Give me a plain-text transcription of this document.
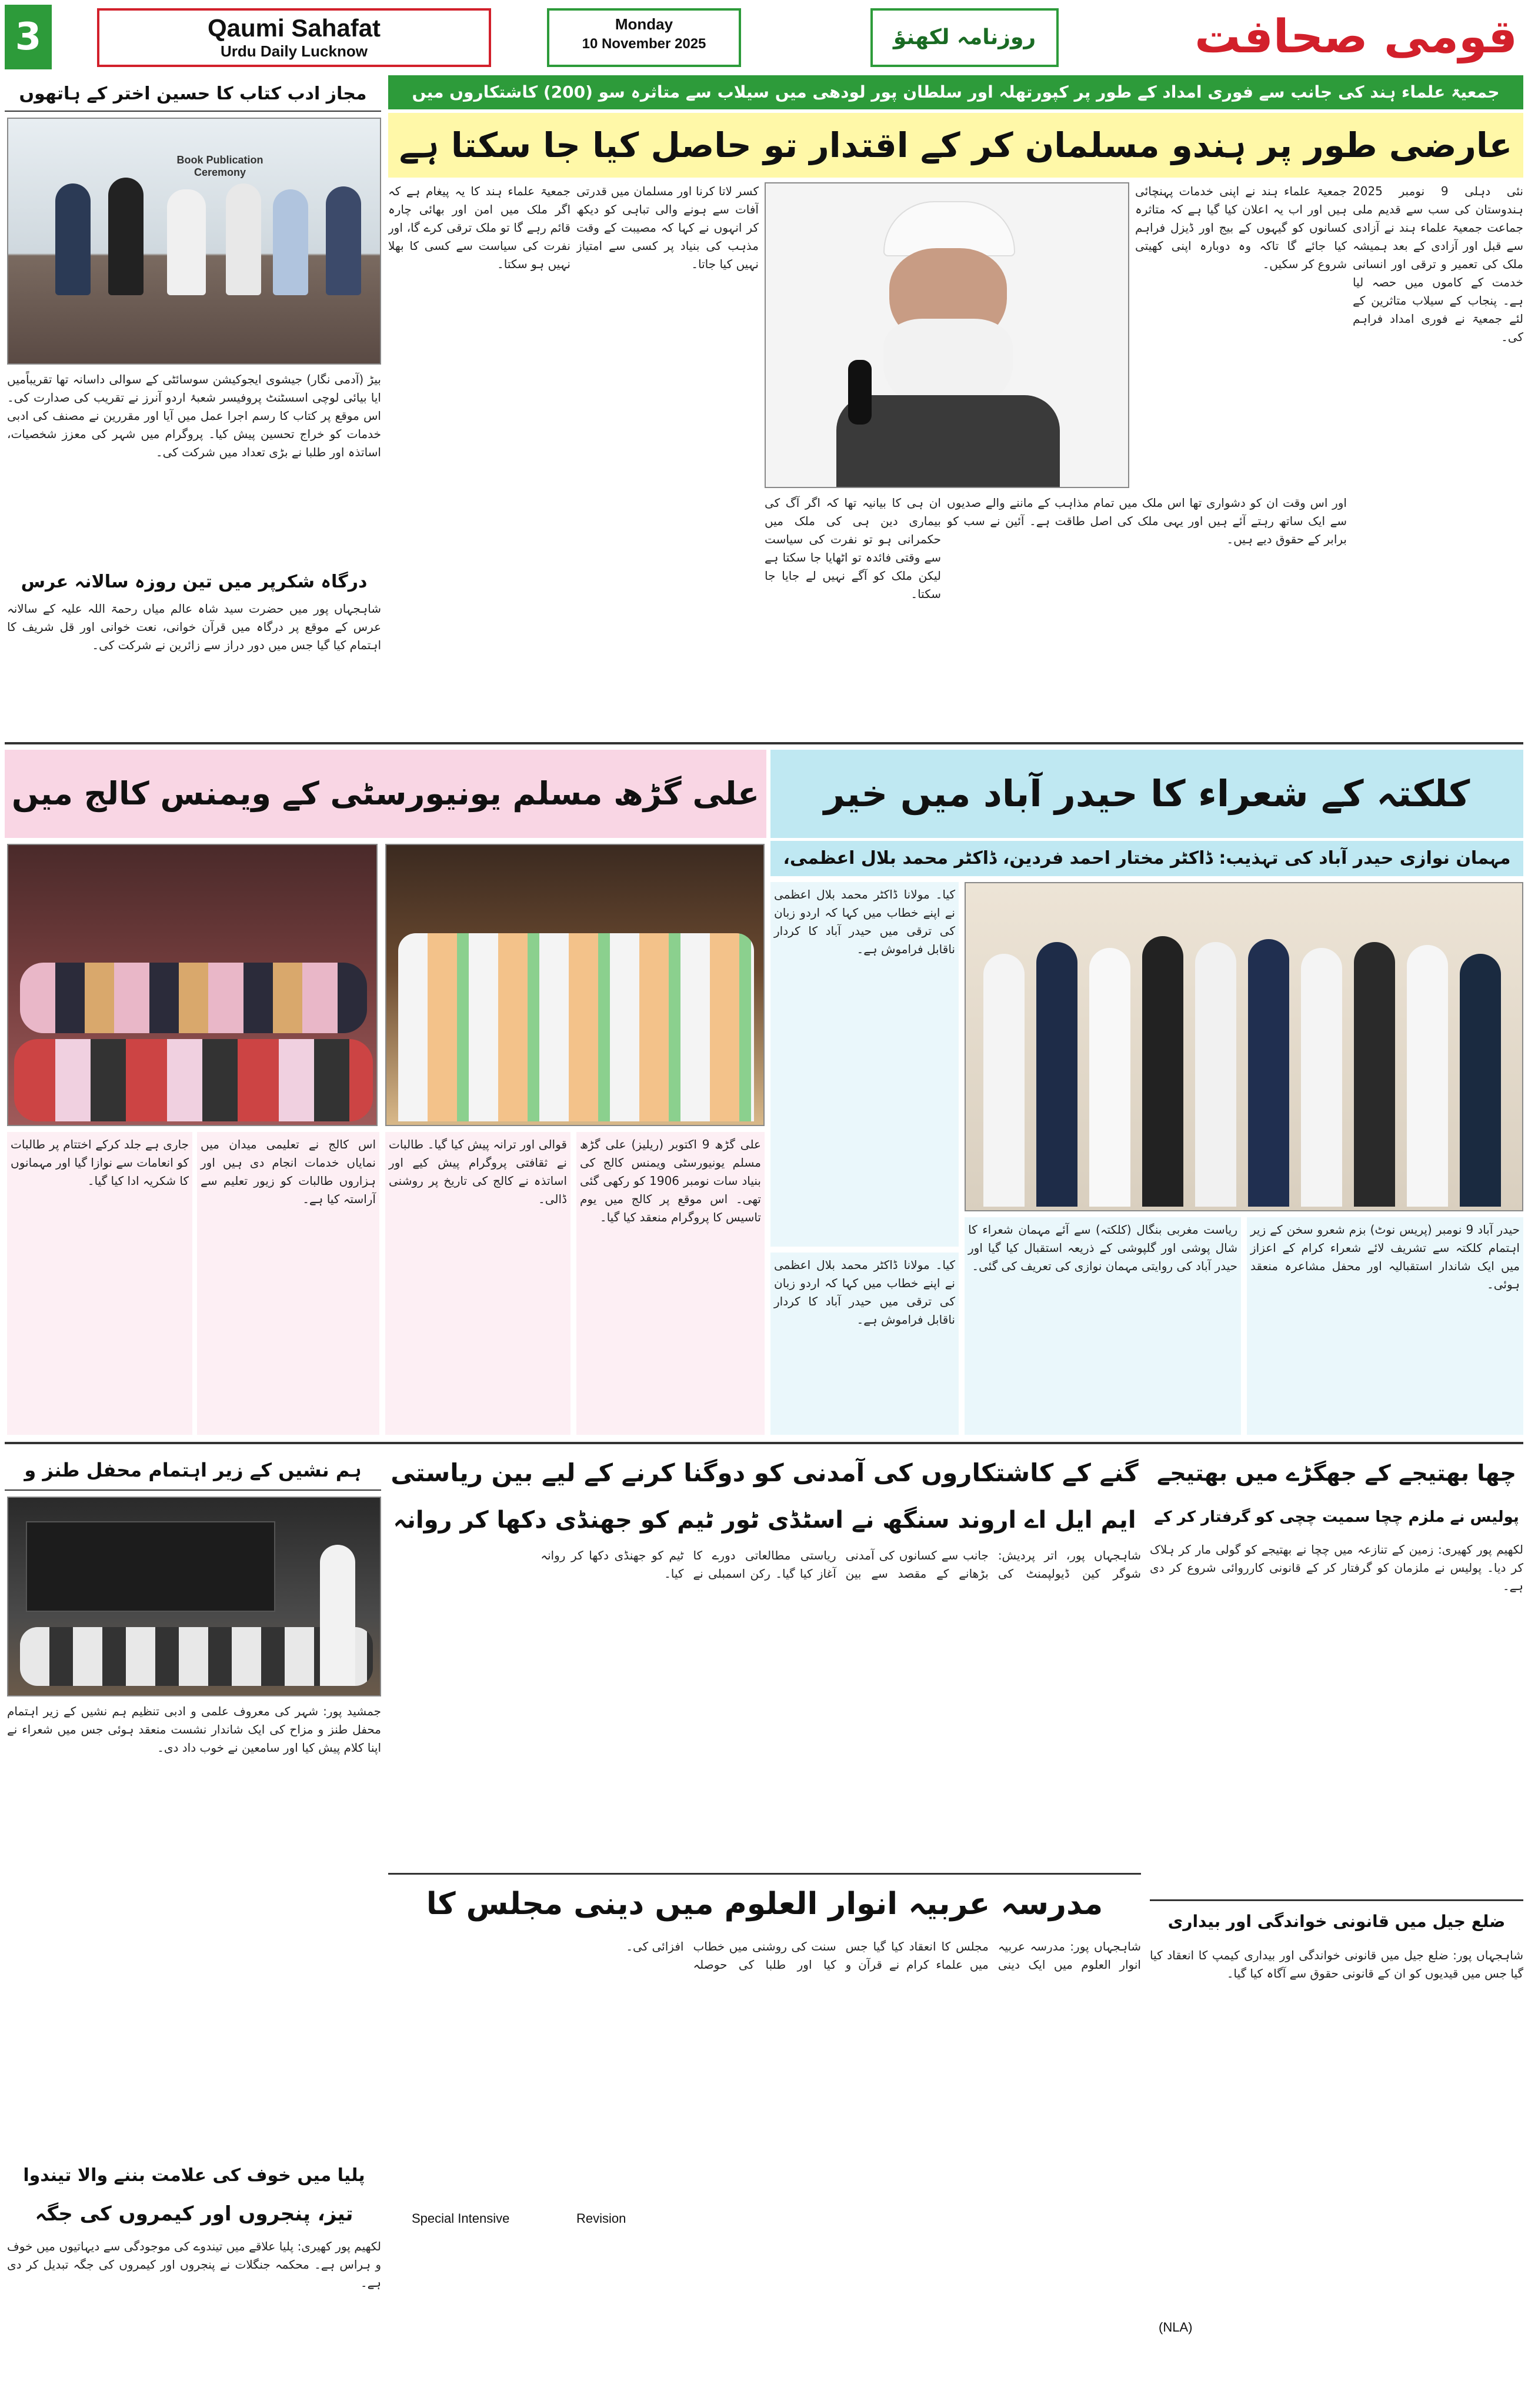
3	Qaumi Sahafat
Urdu Daily Lucknow
Monday
10 November 2025	روزنامہ لکھنؤ	قومی صحافت
مجاز ادب کتاب کا حسین اختر کے ہاتھوں
Book Publication Ceremony
بیڑ (آدمی نگار) جیشوی ایجوکیشن سوسائٹی کے سوالی داسانہ تھا تقریباًمیں ایا بیائی لوچی اسسٹنٹ پروفیسر شعبۂ اردو آنرز نے تقریب کی صدارت کی۔ اس موقع پر کتاب کا رسم اجرا عمل میں آیا اور مقررین نے مصنف کی ادبی خدمات کو خراج تحسین پیش کیا۔ پروگرام میں شہر کی معزز شخصیات، اساتذہ اور طلبا نے بڑی تعداد میں شرکت کی۔
درگاہ شکرپر میں تین روزہ سالانہ عرس
شاہجہاں پور میں حضرت سید شاہ عالم میاں رحمۃ اللہ علیہ کے سالانہ عرس کے موقع پر درگاہ میں قرآن خوانی، نعت خوانی اور قل شریف کا اہتمام کیا گیا جس میں دور دراز سے زائرین نے شرکت کی۔
جمعیۃ علماء ہند کی جانب سے فوری امداد کے طور پر کپورتھلہ اور سلطان پور لودھی میں سیلاب سے متاثرہ سو (200) کاشتکاروں میں
عارضی طور پر ہندو مسلمان کر کے اقتدار تو حاصل کیا جا سکتا ہے
نئی دہلی 9 نومبر 2025 ہندوستان کی سب سے قدیم ملی جماعت جمعیۃ علماء ہند نے آزادی سے قبل اور آزادی کے بعد ہمیشہ ملک کی تعمیر و ترقی اور انسانی خدمت کے کاموں میں حصہ لیا ہے۔ پنجاب کے سیلاب متاثرین کے لئے جمعیۃ نے فوری امداد فراہم کی۔
جمعیۃ علماء ہند نے اپنی خدمات پہنچائی ہیں اور اب یہ اعلان کیا گیا ہے کہ متاثرہ کسانوں کو گیہوں کے بیج اور ڈیزل فراہم کیا جائے گا تاکہ وہ دوبارہ اپنی کھیتی شروع کر سکیں۔
اور اس وقت ان کو دشواری تھا اس ملک میں تمام مذاہب کے ماننے والے صدیوں سے ایک ساتھ رہتے آئے ہیں اور یہی ملک کی اصل طاقت ہے۔ آئین نے سب کو برابر کے حقوق دیے ہیں۔
ان ہی کا بیانیہ تھا کہ اگر آگ کی بیماری دین ہی کی ملک میں حکمرانی ہو تو نفرت کی سیاست سے وقتی فائدہ تو اٹھایا جا سکتا ہے لیکن ملک کو آگے نہیں لے جایا جا سکتا۔
کسر لاتا کرنا اور مسلمان میں قدرتی آفات سے ہونے والی تباہی کو دیکھ کر انہوں نے کہا کہ مصیبت کے وقت مذہب کی بنیاد پر کسی سے امتیاز نہیں کیا جاتا۔
جمعیۃ علماء ہند کا یہ پیغام ہے کہ اگر ملک میں امن اور بھائی چارہ قائم رہے گا تو ملک ترقی کرے گا، اور نفرت کی سیاست سے کسی کا بھلا نہیں ہو سکتا۔
کلکتہ کے شعراء کا حیدر آباد میں خیر
مہمان نوازی حیدر آباد کی تہذیب: ڈاکٹر مختار احمد فردین، ڈاکٹر محمد بلال اعظمی،
کیا۔ مولانا ڈاکٹر محمد بلال اعظمی نے اپنے خطاب میں کہا کہ اردو زبان کی ترقی میں حیدر آباد کا کردار ناقابل فراموش ہے۔
حیدر آباد 9 نومبر (پریس نوٹ) بزم شعرو سخن کے زیر اہتمام کلکتہ سے تشریف لائے شعراء کرام کے اعزاز میں ایک شاندار استقبالیہ اور محفل مشاعرہ منعقد ہوئی۔
ریاست مغربی بنگال (کلکتہ) سے آئے مہمان شعراء کا شال پوشی اور گلپوشی کے ذریعہ استقبال کیا گیا اور حیدر آباد کی روایتی مہمان نوازی کی تعریف کی گئی۔
کیا۔ مولانا ڈاکٹر محمد بلال اعظمی نے اپنے خطاب میں کہا کہ اردو زبان کی ترقی میں حیدر آباد کا کردار ناقابل فراموش ہے۔
علی گڑھ مسلم یونیورسٹی کے ویمنس کالج میں
علی گڑھ 9 اکتوبر (ریلیز) علی گڑھ مسلم یونیورسٹی ویمنس کالج کی بنیاد سات نومبر 1906 کو رکھی گئی تھی۔ اس موقع پر کالج میں یوم تاسیس کا پروگرام منعقد کیا گیا۔
قوالی اور ترانہ پیش کیا گیا۔ طالبات نے ثقافتی پروگرام پیش کیے اور اساتذہ نے کالج کی تاریخ پر روشنی ڈالی۔
اس کالج نے تعلیمی میدان میں نمایاں خدمات انجام دی ہیں اور ہزاروں طالبات کو زیور تعلیم سے آراستہ کیا ہے۔
جاری ہے جلد کرکے اختتام پر طالبات کو انعامات سے نوازا گیا اور مہمانوں کا شکریہ ادا کیا گیا۔
ہم نشیں کے زیر اہتمام محفل طنز و
جمشید پور: شہر کی معروف علمی و ادبی تنظیم ہم نشیں کے زیر اہتمام محفل طنز و مزاح کی ایک شاندار نشست منعقد ہوئی جس میں شعراء نے اپنا کلام پیش کیا اور سامعین نے خوب داد دی۔
پلیا میں خوف کی علامت بننے والا تیندوا
تیز، پنجروں اور کیمروں کی جگہ
لکھیم پور کھیری: پلیا علاقے میں تیندوے کی موجودگی سے دیہاتیوں میں خوف و ہراس ہے۔ محکمہ جنگلات نے پنجروں اور کیمروں کی جگہ تبدیل کر دی ہے۔
گنے کے کاشتکاروں کی آمدنی کو دوگنا کرنے کے لیے بین ریاستی
ایم ایل اے اروند سنگھ نے اسٹڈی ٹور ٹیم کو جھنڈی دکھا کر روانہ
شاہجہاں پور، اتر پردیش: شوگر کین ڈیولپمنٹ کی جانب سے کسانوں کی آمدنی بڑھانے کے مقصد سے بین ریاستی مطالعاتی دورے کا آغاز کیا گیا۔ رکن اسمبلی نے ٹیم کو جھنڈی دکھا کر روانہ کیا۔
مدرسہ عربیہ انوار العلوم میں دینی مجلس کا
شاہجہاں پور: مدرسہ عربیہ انوار العلوم میں ایک دینی مجلس کا انعقاد کیا گیا جس میں علماء کرام نے قرآن و سنت کی روشنی میں خطاب کیا اور طلبا کی حوصلہ افزائی کی۔
Special Intensive	Revision
چھا بھتیجے کے جھگڑے میں بھتیجے
پولیس نے ملزم چچا سمیت چچی کو گرفتار کر کے
لکھیم پور کھیری: زمین کے تنازعہ میں چچا نے بھتیجے کو گولی مار کر ہلاک کر دیا۔ پولیس نے ملزمان کو گرفتار کر کے قانونی کارروائی شروع کر دی ہے۔
ضلع جیل میں قانونی خواندگی اور بیداری
شاہجہاں پور: ضلع جیل میں قانونی خواندگی اور بیداری کیمپ کا انعقاد کیا گیا جس میں قیدیوں کو ان کے قانونی حقوق سے آگاہ کیا گیا۔
(NLA)
